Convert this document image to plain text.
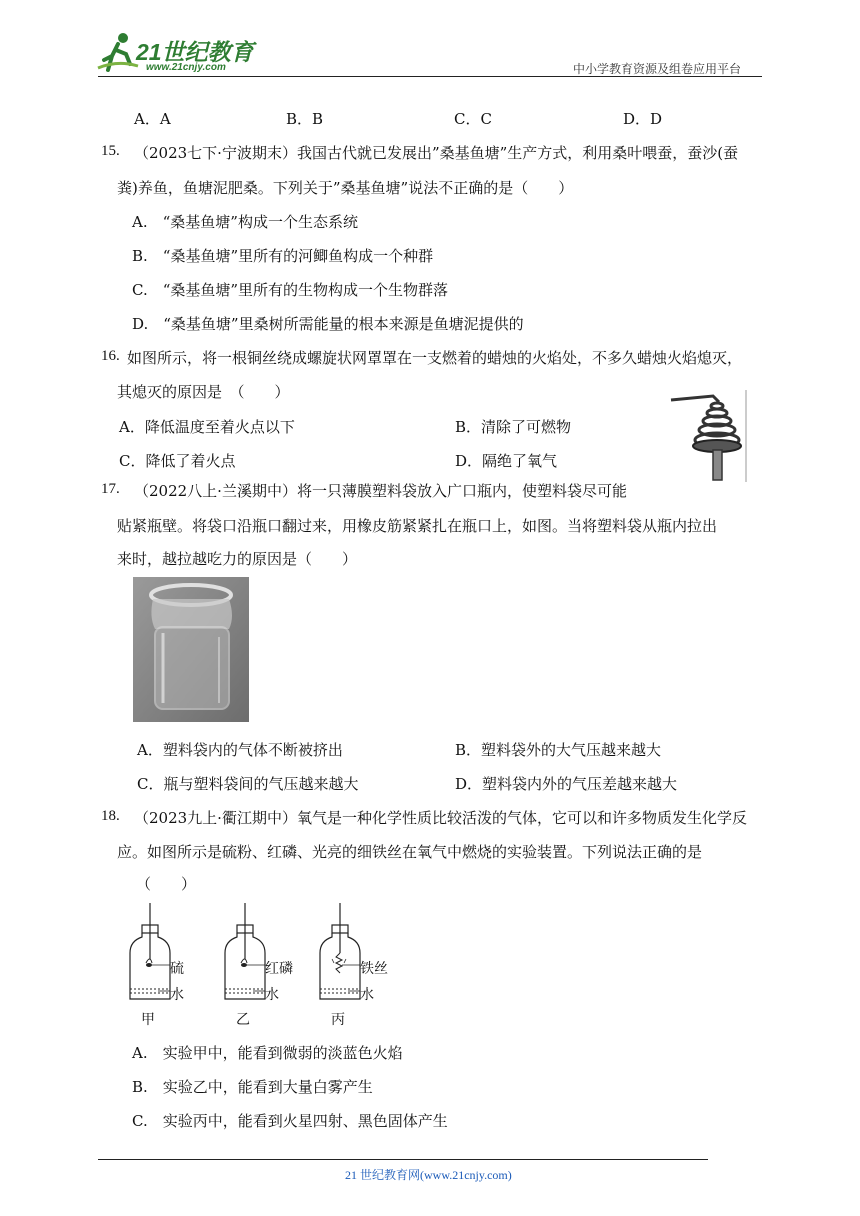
21世纪教育
www.21cnjy.com	中小学教育资源及组卷应用平台
A．A	B．B	C．C	D．D
15. （2023七下·宁波期末）我国古代就已发展出”桑基鱼塘”生产方式，利用桑叶喂蚕，蚕沙(蚕
粪)养鱼，鱼塘泥肥桑。下列关于”桑基鱼塘”说法不正确的是（　　）
A.　“桑基鱼塘”构成一个生态系统
B.　“桑基鱼塘”里所有的河鲫鱼构成一个种群
C.　“桑基鱼塘”里所有的生物构成一个生物群落
D.　“桑基鱼塘”里桑树所需能量的根本来源是鱼塘泥提供的
16. 如图所示，将一根铜丝绕成螺旋状网罩罩在一支燃着的蜡烛的火焰处，不多久蜡烛火焰熄灭，
其熄灭的原因是　（　　）
A．降低温度至着火点以下	B．清除了可燃物
C．降低了着火点	D．隔绝了氧气
17. （2022八上·兰溪期中）将一只薄膜塑料袋放入广口瓶内，使塑料袋尽可能
贴紧瓶壁。将袋口沿瓶口翻过来，用橡皮筋紧紧扎在瓶口上，如图。当将塑料袋从瓶内拉出
来时，越拉越吃力的原因是（　　）
A．塑料袋内的气体不断被挤出	B．塑料袋外的大气压越来越大
C．瓶与塑料袋间的气压越来越大	D．塑料袋内外的气压差越来越大
18. （2023九上·衢江期中）氧气是一种化学性质比较活泼的气体，它可以和许多物质发生化学反
应。如图所示是硫粉、红磷、光亮的细铁丝在氧气中燃烧的实验装置。下列说法正确的是
（　　）
硫
水
红磷
水
铁丝
水
甲	乙	丙
A.　实验甲中，能看到微弱的淡蓝色火焰
B.　实验乙中，能看到大量白雾产生
C.　实验丙中，能看到火星四射、黑色固体产生
21 世纪教育网(www.21cnjy.com)
